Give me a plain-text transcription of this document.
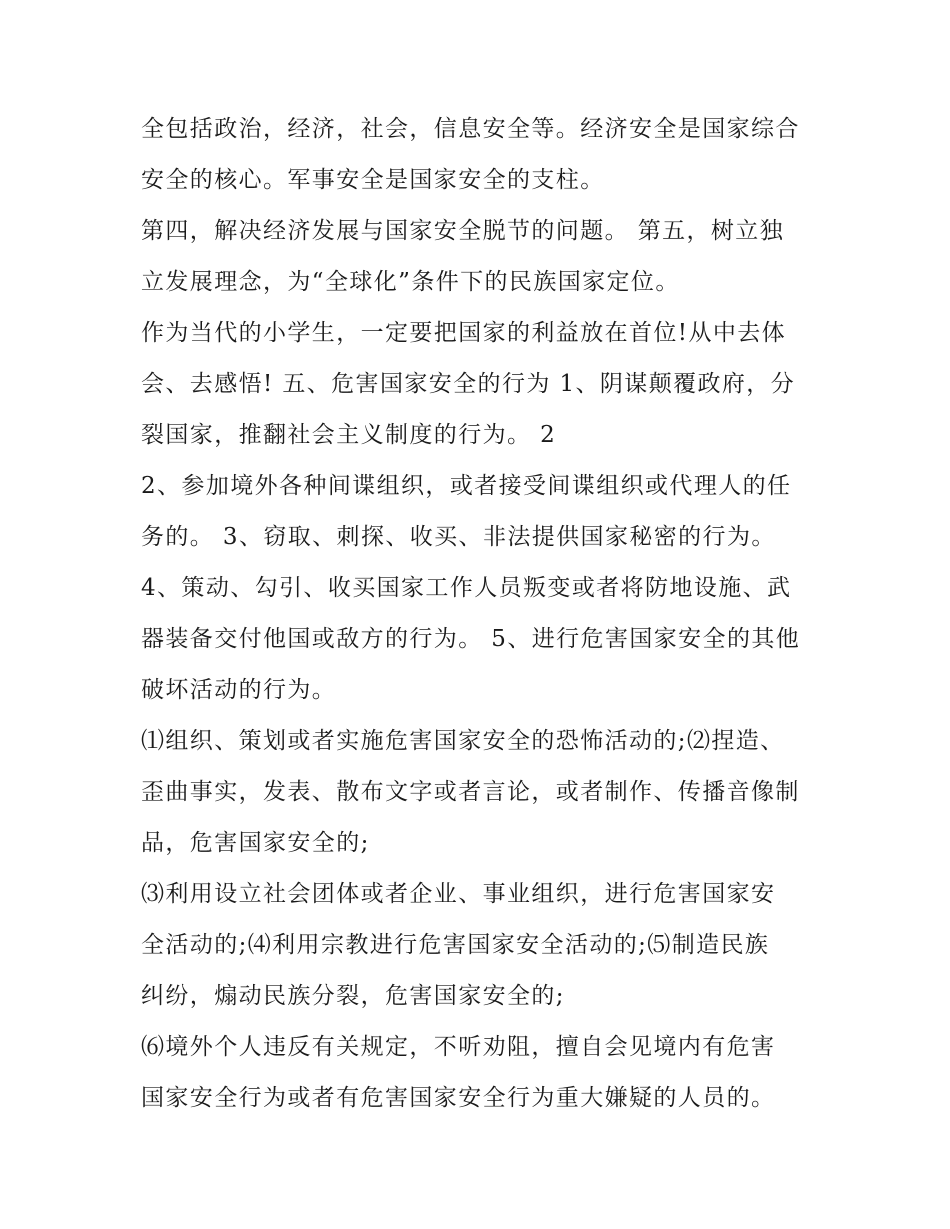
全包括政治，经济，社会，信息安全等。经济安全是国家综合
安全的核心。军事安全是国家安全的支柱。

第四，解决经济发展与国家安全脱节的问题。 第五，树立独
立发展理念，为“全球化”条件下的民族国家定位。

作为当代的小学生，一定要把国家的利益放在首位!从中去体
会、去感悟! 五、危害国家安全的行为 1、阴谋颠覆政府，分
裂国家，推翻社会主义制度的行为。 2

2、参加境外各种间谍组织，或者接受间谍组织或代理人的任
务的。 3、窃取、刺探、收买、非法提供国家秘密的行为。

4、策动、勾引、收买国家工作人员叛变或者将防地设施、武
器装备交付他国或敌方的行为。 5、进行危害国家安全的其他
破坏活动的行为。

⑴组织、策划或者实施危害国家安全的恐怖活动的;⑵捏造、
歪曲事实，发表、散布文字或者言论，或者制作、传播音像制
品，危害国家安全的;

⑶利用设立社会团体或者企业、事业组织，进行危害国家安
全活动的;⑷利用宗教进行危害国家安全活动的;⑸制造民族
纠纷，煽动民族分裂，危害国家安全的;

⑹境外个人违反有关规定，不听劝阻，擅自会见境内有危害
国家安全行为或者有危害国家安全行为重大嫌疑的人员的。
